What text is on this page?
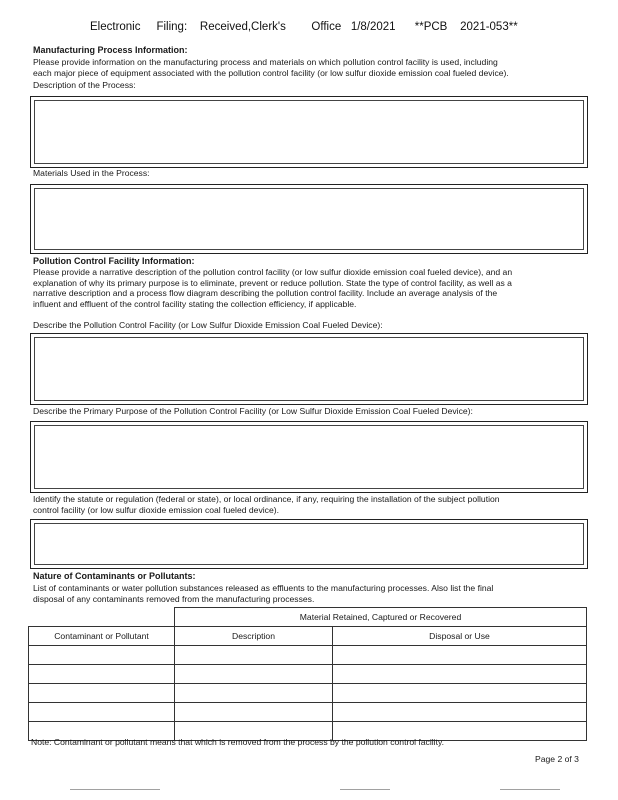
Electronic     Filing:    Received,Clerk's        Office   1/8/2021      **PCB    2021-053**
Manufacturing Process Information:
Please provide information on the manufacturing process and materials on which pollution control facility is used, including
each major piece of equipment associated with the pollution control facility (or low sulfur dioxide emission coal fueled device).
Description of the Process:
Materials Used in the Process:
Pollution Control Facility Information:
Please provide a narrative description of the pollution control facility (or low sulfur dioxide emission coal fueled device), and an
explanation of why its primary purpose is to eliminate, prevent or reduce pollution. State the type of control facility, as well as a
narrative description and a process flow diagram describing the pollution control facility. Include an average analysis of the
influent and effluent of the control facility stating the collection efficiency, if applicable.
Describe the Pollution Control Facility (or Low Sulfur Dioxide Emission Coal Fueled Device):
Describe the Primary Purpose of the Pollution Control Facility (or Low Sulfur Dioxide Emission Coal Fueled Device):
Identify the statute or regulation (federal or state), or local ordinance, if any, requiring the installation of the subject pollution
control facility (or low sulfur dioxide emission coal fueled device).
Nature of Contaminants or Pollutants:
List of contaminants or water pollution substances released as effluents to the manufacturing processes. Also list the final
disposal of any contaminants removed from the manufacturing processes.
	Material Retained, Captured or Recovered	
Contaminant or Pollutant	Description	Disposal or Use

Note: Contaminant or pollutant means that which is removed from the process by the pollution control facility.
Page 2 of 3
